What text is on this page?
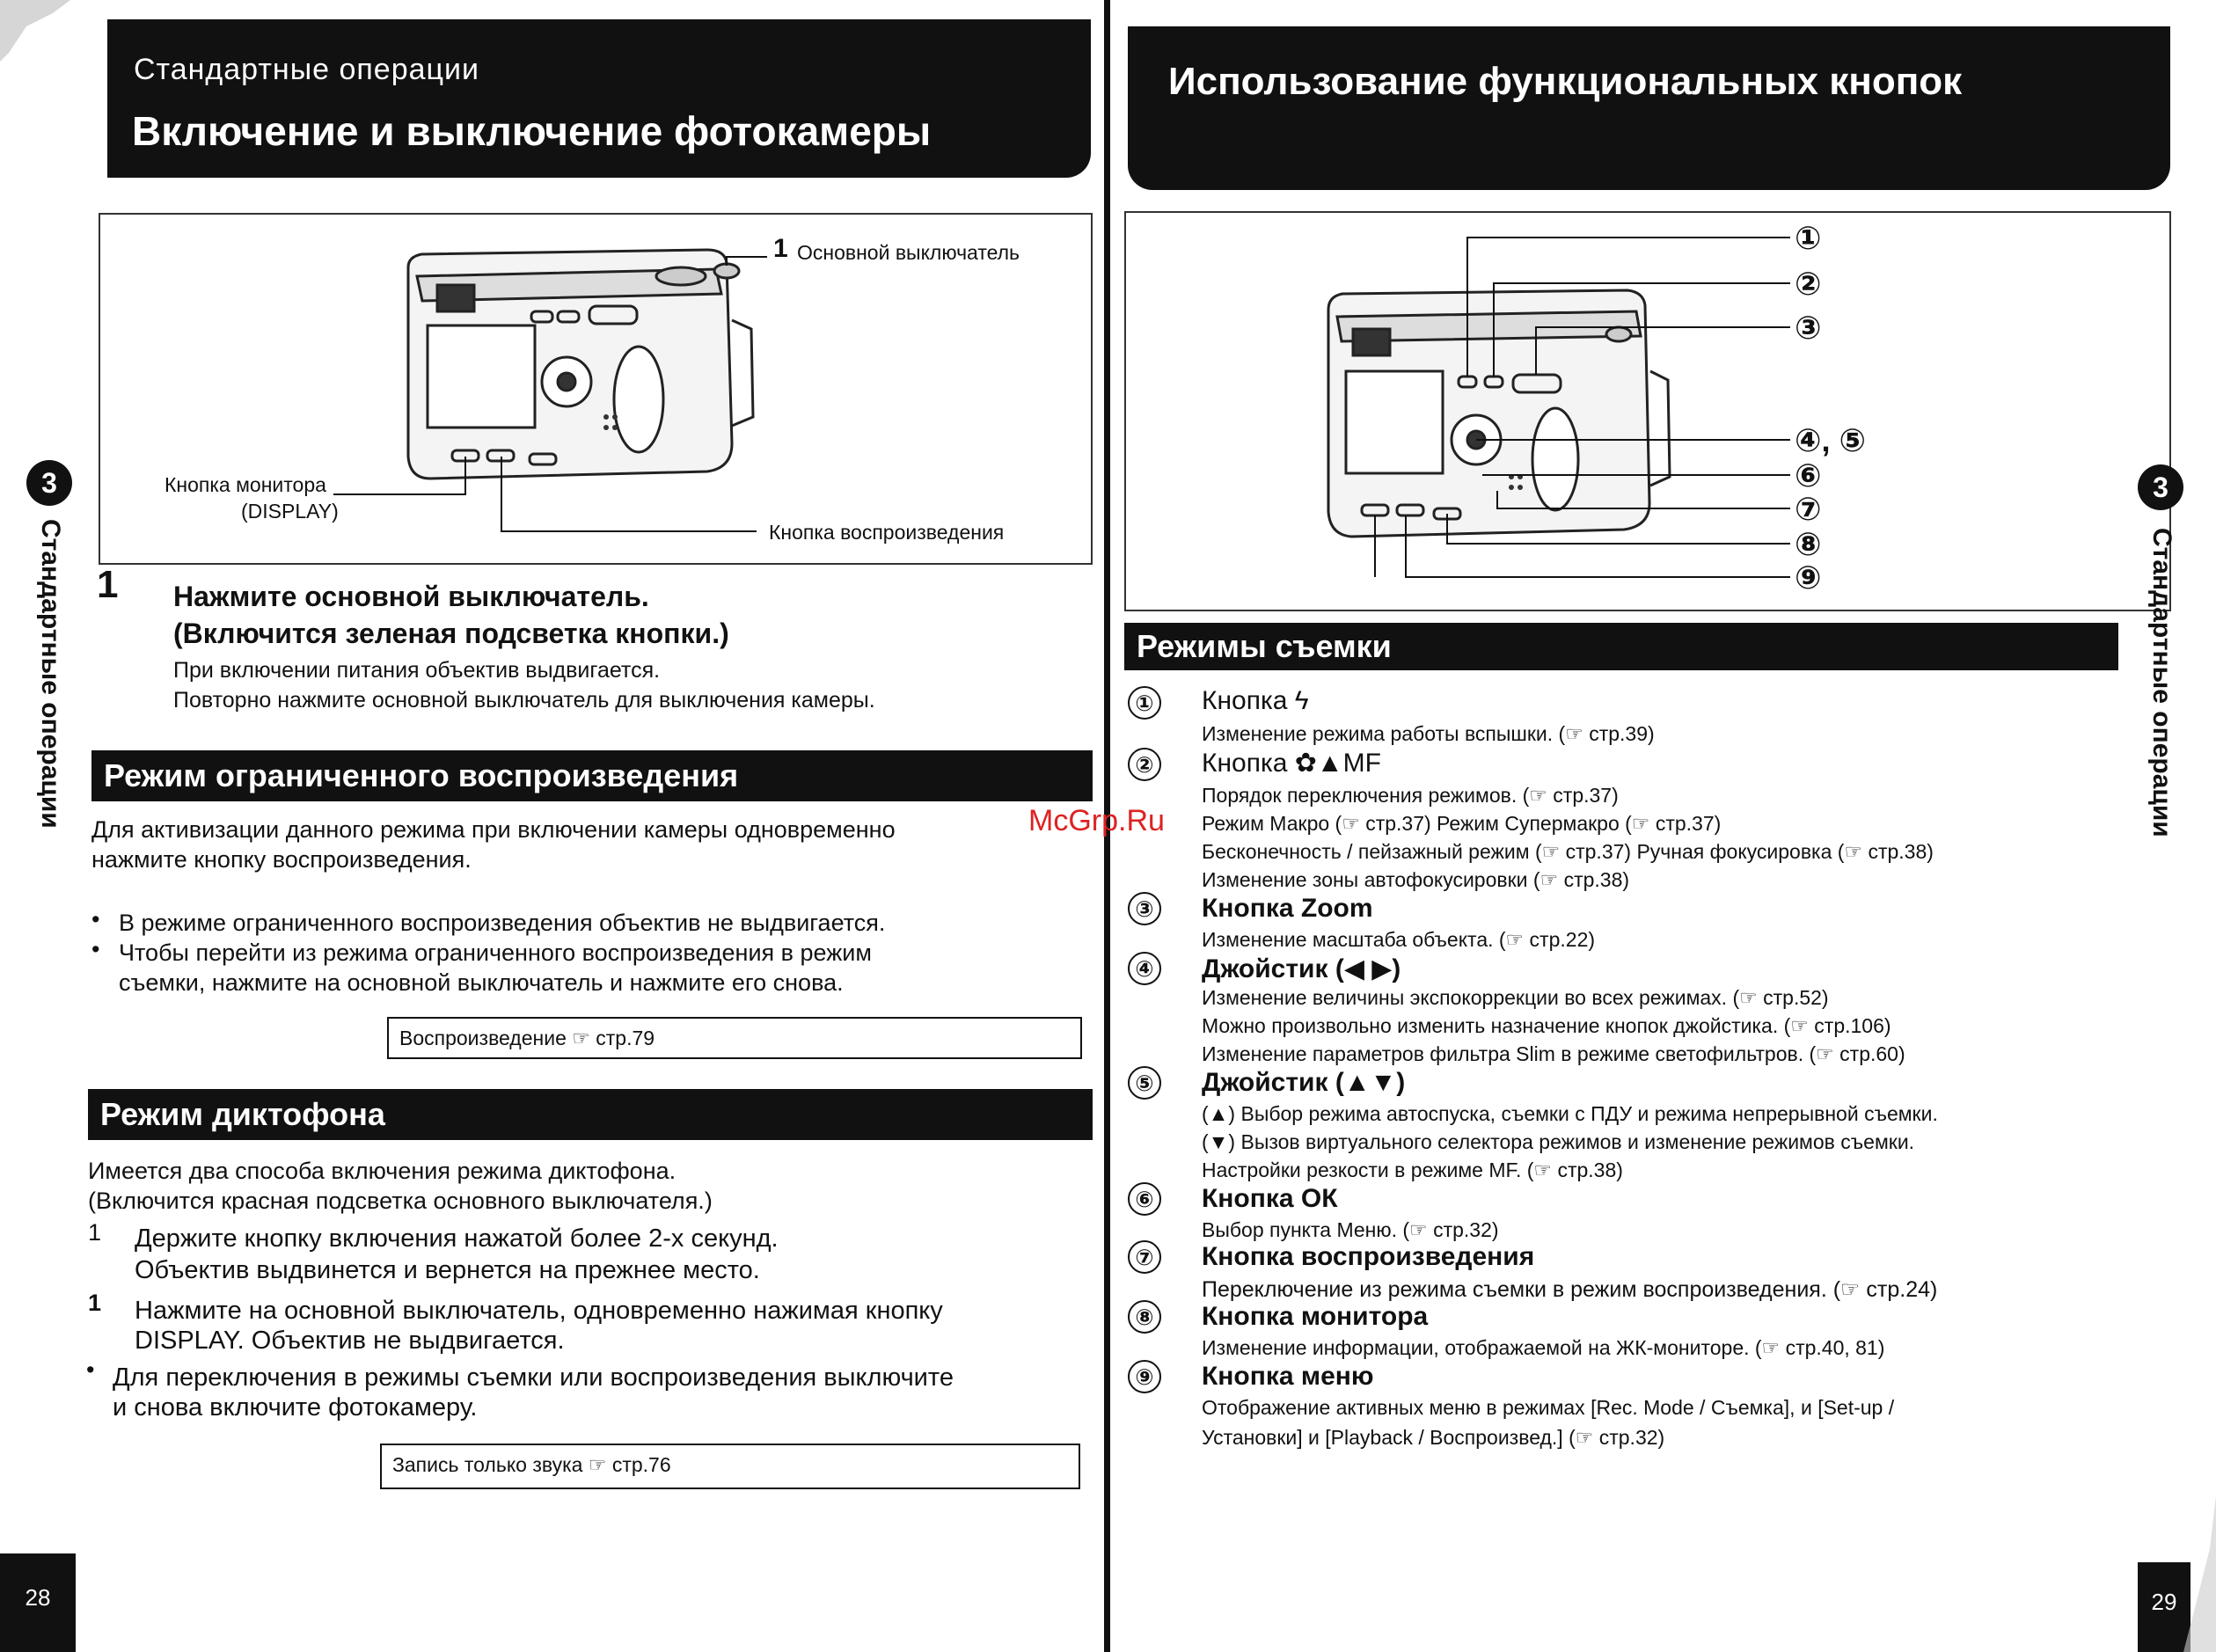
Стандартные операции
Включение и выключение фотокамеры
3
Стандартные операции
1 Основной выключатель
Кнопка монитора
(DISPLAY)
Кнопка воспроизведения
1 Нажмите основной выключатель.
(Включится зеленая подсветка кнопки.)
При включении питания объектив выдвигается.
Повторно нажмите основной выключатель для выключения камеры.
Режим ограниченного воспроизведения
Для активизации данного режима при включении камеры одновременно
нажмите кнопку воспроизведения.
• В режиме ограниченного воспроизведения объектив не выдвигается.
• Чтобы перейти из режима ограниченного воспроизведения в режим
съемки, нажмите на основной выключатель и нажмите его снова.
Воспроизведение ☞ стр.79
Режим диктофона
Имеется два способа включения режима диктофона.
(Включится красная подсветка основного выключателя.)
1 Держите кнопку включения нажатой более 2-х секунд.
Объектив выдвинется и вернется на прежнее место.
1 Нажмите на основной выключатель, одновременно нажимая кнопку
DISPLAY. Объектив не выдвигается.
• Для переключения в режимы съемки или воспроизведения выключите
и снова включите фотокамеру.
Запись только звука ☞ стр.76
28
Использование функциональных кнопок
①
②
③
④, ⑤
⑥
⑦
⑧
⑨
Режимы съемки
McGrp.Ru
① Кнопка ϟ
Изменение режима работы вспышки. (☞ стр.39)
② Кнопка ✿▲MF
Порядок переключения режимов. (☞ стр.37)
Режим Макро (☞ стр.37) Режим Супермакро (☞ стр.37)
Бесконечность / пейзажный режим (☞ стр.37) Ручная фокусировка (☞ стр.38)
Изменение зоны автофокусировки (☞ стр.38)
③ Кнопка Zoom
Изменение масштаба объекта. (☞ стр.22)
④ Джойстик (◀ ▶)
Изменение величины экспокоррекции во всех режимах. (☞ стр.52)
Можно произвольно изменить назначение кнопок джойстика. (☞ стр.106)
Изменение параметров фильтра Slim в режиме светофильтров. (☞ стр.60)
⑤ Джойстик (▲▼)
(▲) Выбор режима автоспуска, съемки с ПДУ и режима непрерывной съемки.
(▼) Вызов виртуального селектора режимов и изменение режимов съемки.
Настройки резкости в режиме MF. (☞ стр.38)
⑥ Кнопка ОК
Выбор пункта Меню. (☞ стр.32)
⑦ Кнопка воспроизведения
Переключение из режима съемки в режим воспроизведения. (☞ стр.24)
⑧ Кнопка монитора
Изменение информации, отображаемой на ЖК-мониторе. (☞ стр.40, 81)
⑨ Кнопка меню
Отображение активных меню в режимах [Rec. Mode / Съемка], и [Set-up /
Установки] и [Playback / Воспроизвед.] (☞ стр.32)
3
Стандартные операции
29
